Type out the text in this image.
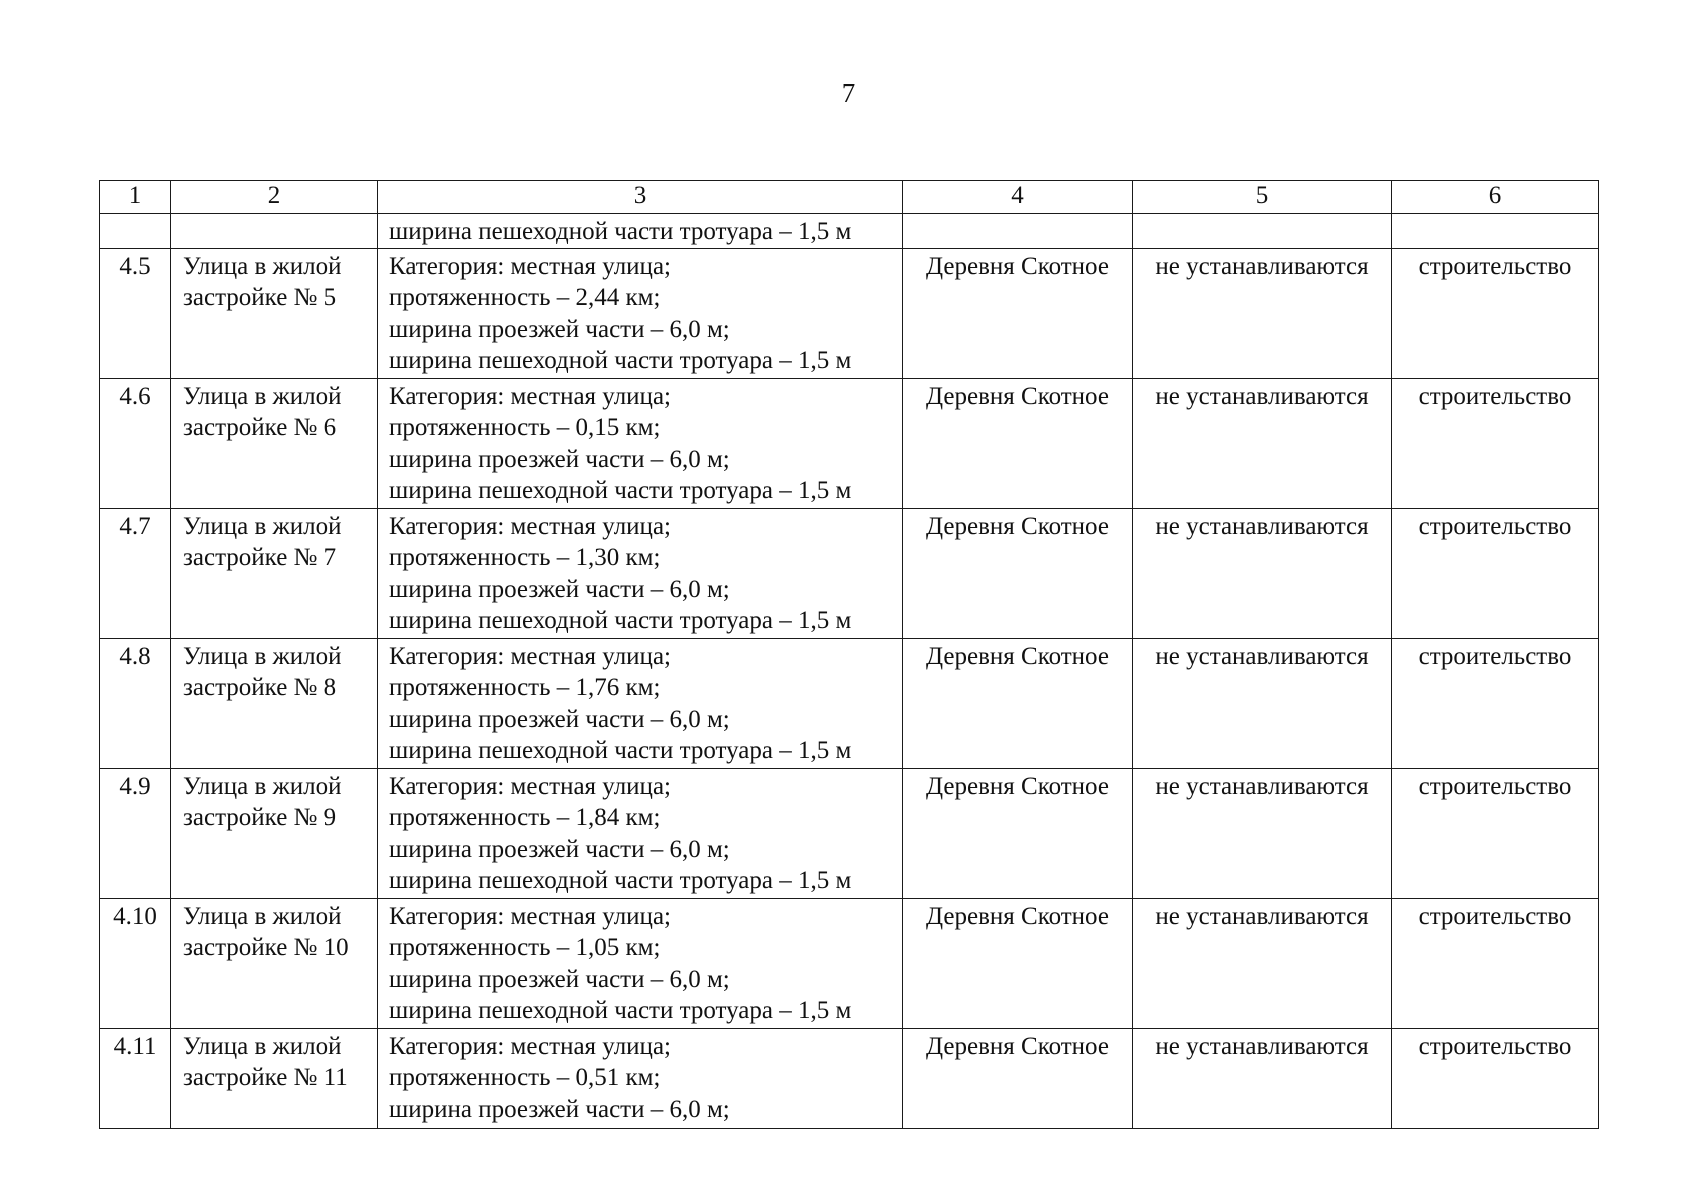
7
1	2	3	4	5	6

		ширина пешеходной части тротуара – 1,5 м			

4.5	Улица в жилой застройке № 5	Категория: местная улица;
протяженность – 2,44 км;
ширина проезжей части – 6,0 м;
ширина пешеходной части тротуара – 1,5 м	Деревня Скотное	не устанавливаются	строительство
4.6	Улица в жилой застройке № 6	Категория: местная улица;
протяженность – 0,15 км;
ширина проезжей части – 6,0 м;
ширина пешеходной части тротуара – 1,5 м	Деревня Скотное	не устанавливаются	строительство
4.7	Улица в жилой застройке № 7	Категория: местная улица;
протяженность – 1,30 км;
ширина проезжей части – 6,0 м;
ширина пешеходной части тротуара – 1,5 м	Деревня Скотное	не устанавливаются	строительство
4.8	Улица в жилой застройке № 8	Категория: местная улица;
протяженность – 1,76 км;
ширина проезжей части – 6,0 м;
ширина пешеходной части тротуара – 1,5 м	Деревня Скотное	не устанавливаются	строительство
4.9	Улица в жилой застройке № 9	Категория: местная улица;
протяженность – 1,84 км;
ширина проезжей части – 6,0 м;
ширина пешеходной части тротуара – 1,5 м	Деревня Скотное	не устанавливаются	строительство
4.10	Улица в жилой застройке № 10	Категория: местная улица;
протяженность – 1,05 км;
ширина проезжей части – 6,0 м;
ширина пешеходной части тротуара – 1,5 м	Деревня Скотное	не устанавливаются	строительство
4.11	Улица в жилой застройке № 11	Категория: местная улица;
протяженность – 0,51 км;
ширина проезжей части – 6,0 м;	Деревня Скотное	не устанавливаются	строительство
